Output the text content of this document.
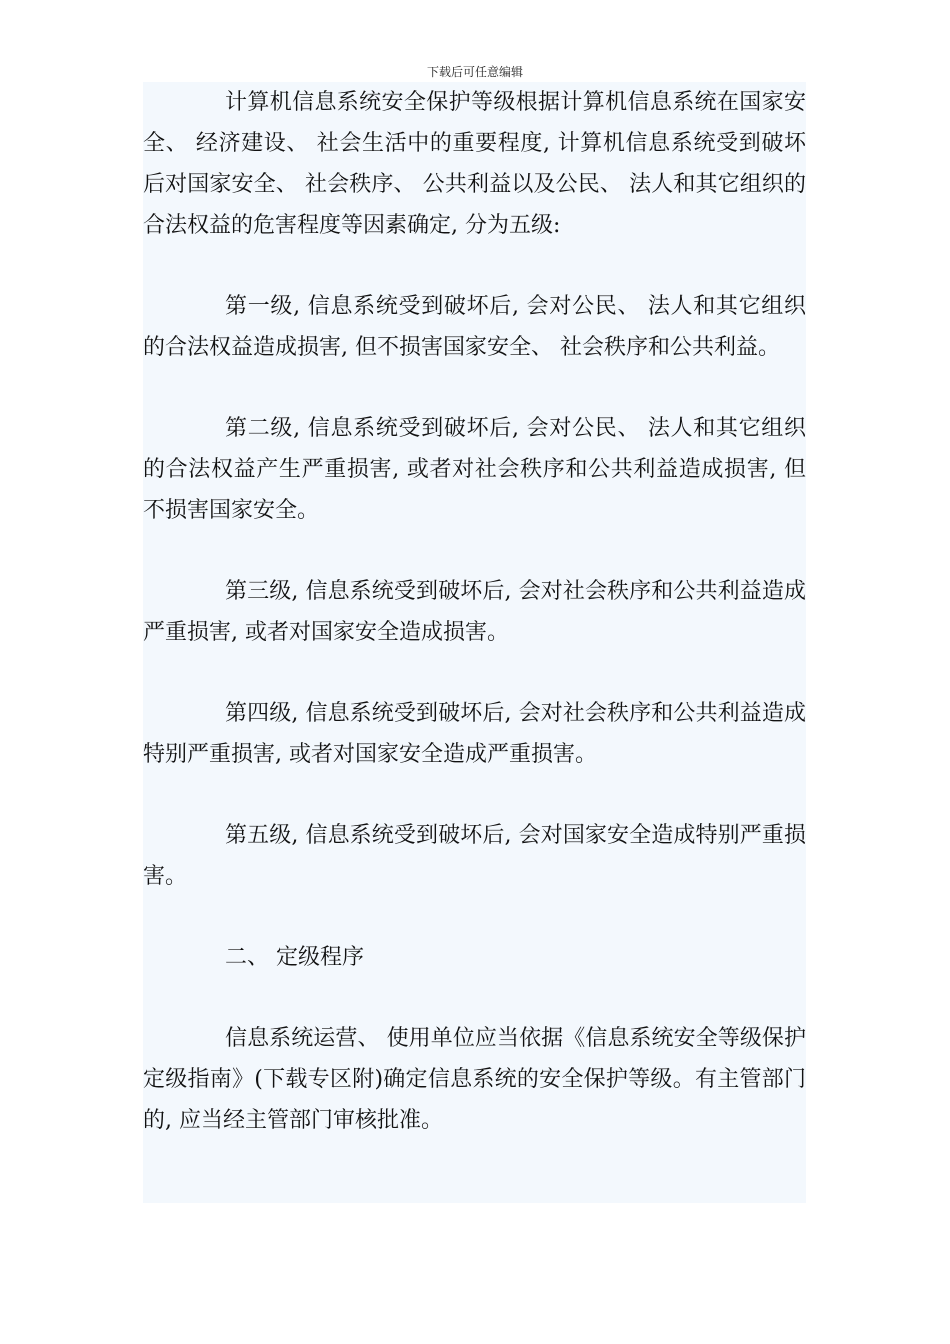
下载后可任意编辑

计算机信息系统安全保护等级根据计算机信息系统在国家安全、 经济建设、 社会生活中的重要程度, 计算机信息系统受到破坏后对国家安全、 社会秩序、 公共利益以及公民、 法人和其它组织的合法权益的危害程度等因素确定, 分为五级:

第一级, 信息系统受到破坏后, 会对公民、 法人和其它组织的合法权益造成损害, 但不损害国家安全、 社会秩序和公共利益。

第二级, 信息系统受到破坏后, 会对公民、 法人和其它组织的合法权益产生严重损害, 或者对社会秩序和公共利益造成损害, 但不损害国家安全。

第三级, 信息系统受到破坏后, 会对社会秩序和公共利益造成严重损害, 或者对国家安全造成损害。

第四级, 信息系统受到破坏后, 会对社会秩序和公共利益造成特别严重损害, 或者对国家安全造成严重损害。

第五级, 信息系统受到破坏后, 会对国家安全造成特别严重损害。

二、 定级程序

信息系统运营、 使用单位应当依据《信息系统安全等级保护定级指南》(下载专区附)确定信息系统的安全保护等级。有主管部门的, 应当经主管部门审核批准。
